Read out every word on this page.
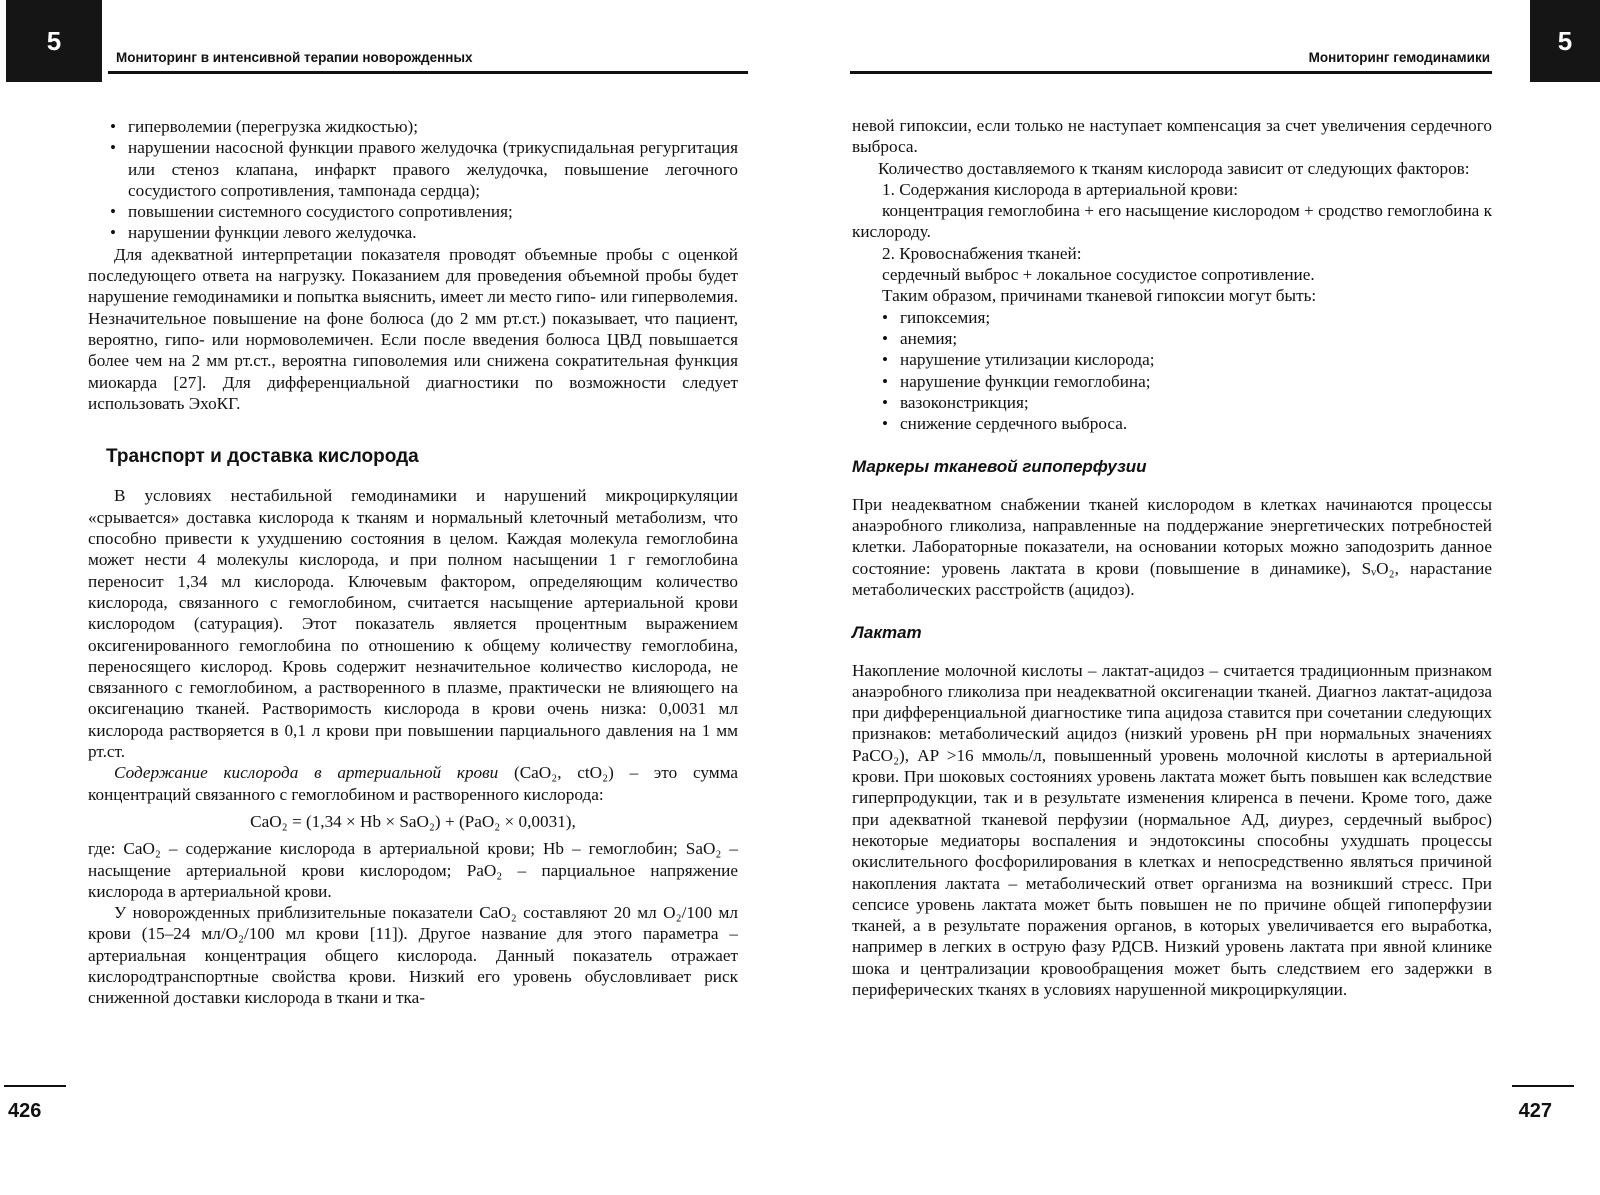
5
Мониторинг в интенсивной терапии новорожденных
• гиперволемии (перегрузка жидкостью);
• нарушении насосной функции правого желудочка (трикуспидальная регургитация или стеноз клапана, инфаркт правого желудочка, повышение легочного сосудистого сопротивления, тампонада сердца);
• повышении системного сосудистого сопротивления;
• нарушении функции левого желудочка.

Для адекватной интерпретации показателя проводят объемные пробы с оценкой последующего ответа на нагрузку. Показанием для проведения объемной пробы будет нарушение гемодинамики и попытка выяснить, имеет ли место гипо- или гиперволемия. Незначительное повышение на фоне болюса (до 2 мм рт.ст.) показывает, что пациент, вероятно, гипо- или нормоволемичен. Если после введения болюса ЦВД повышается более чем на 2 мм рт.ст., вероятна гиповолемия или снижена сократительная функция миокарда [27]. Для дифференциальной диагностики по возможности следует использовать ЭхоКГ.

Транспорт и доставка кислорода

В условиях нестабильной гемодинамики и нарушений микроциркуляции «срывается» доставка кислорода к тканям и нормальный клеточный метаболизм, что способно привести к ухудшению состояния в целом. Каждая молекула гемоглобина может нести 4 молекулы кислорода, и при полном насыщении 1 г гемоглобина переносит 1,34 мл кислорода. Ключевым фактором, определяющим количество кислорода, связанного с гемоглобином, считается насыщение артериальной крови кислородом (сатурация). Этот показатель является процентным выражением оксигенированного гемоглобина по отношению к общему количеству гемоглобина, переносящего кислород. Кровь содержит незначительное количество кислорода, не связанного с гемоглобином, а растворенного в плазме, практически не влияющего на оксигенацию тканей. Растворимость кислорода в крови очень низка: 0,0031 мл кислорода растворяется в 0,1 л крови при повышении парциального давления на 1 мм рт.ст.

Содержание кислорода в артериальной крови (CaO₂, ctO₂) – это сумма концентраций связанного с гемоглобином и растворенного кислорода:

CaO₂ = (1,34 × Hb × SaO₂) + (PaO₂ × 0,0031),

где: CaO₂ – содержание кислорода в артериальной крови; Hb – гемоглобин; SaO₂ – насыщение артериальной крови кислородом; PaO₂ – парциальное напряжение кислорода в артериальной крови.

У новорожденных приблизительные показатели CaO₂ составляют 20 мл O₂/100 мл крови (15–24 мл/O₂/100 мл крови [11]). Другое название для этого параметра – артериальная концентрация общего кислорода. Данный показатель отражает кислородтранспортные свойства крови. Низкий его уровень обусловливает риск сниженной доставки кислорода в ткани и тка-

426
Мониторинг гемодинамики
5

невой гипоксии, если только не наступает компенсация за счет увеличения сердечного выброса.

Количество доставляемого к тканям кислорода зависит от следующих факторов:

1. Содержания кислорода в артериальной крови:

концентрация гемоглобина + его насыщение кислородом + сродство гемоглобина к кислороду.

2. Кровоснабжения тканей:

сердечный выброс + локальное сосудистое сопротивление.

Таким образом, причинами тканевой гипоксии могут быть:

• гипоксемия;
• анемия;
• нарушение утилизации кислорода;
• нарушение функции гемоглобина;
• вазоконстрикция;
• снижение сердечного выброса.
Маркеры тканевой гипоперфузии

При неадекватном снабжении тканей кислородом в клетках начинаются процессы анаэробного гликолиза, направленные на поддержание энергетических потребностей клетки. Лабораторные показатели, на основании которых можно заподозрить данное состояние: уровень лактата в крови (повышение в динамике), SᵥO₂, нарастание метаболических расстройств (ацидоз).

Лактат

Накопление молочной кислоты – лактат-ацидоз – считается традиционным признаком анаэробного гликолиза при неадекватной оксигенации тканей. Диагноз лактат-ацидоза при дифференциальной диагностике типа ацидоза ставится при сочетании следующих признаков: метаболический ацидоз (низкий уровень pH при нормальных значениях PaCO₂), AP >16 ммоль/л, повышенный уровень молочной кислоты в артериальной крови. При шоковых состояниях уровень лактата может быть повышен как вследствие гиперпродукции, так и в результате изменения клиренса в печени. Кроме того, даже при адекватной тканевой перфузии (нормальное АД, диурез, сердечный выброс) некоторые медиаторы воспаления и эндотоксины способны ухудшать процессы окислительного фосфорилирования в клетках и непосредственно являться причиной накопления лактата – метаболический ответ организма на возникший стресс. При сепсисе уровень лактата может быть повышен не по причине общей гипоперфузии тканей, а в результате поражения органов, в которых увеличивается его выработка, например в легких в острую фазу РДСВ. Низкий уровень лактата при явной клинике шока и централизации кровообращения может быть следствием его задержки в периферических тканях в условиях нарушенной микроциркуляции.

427
